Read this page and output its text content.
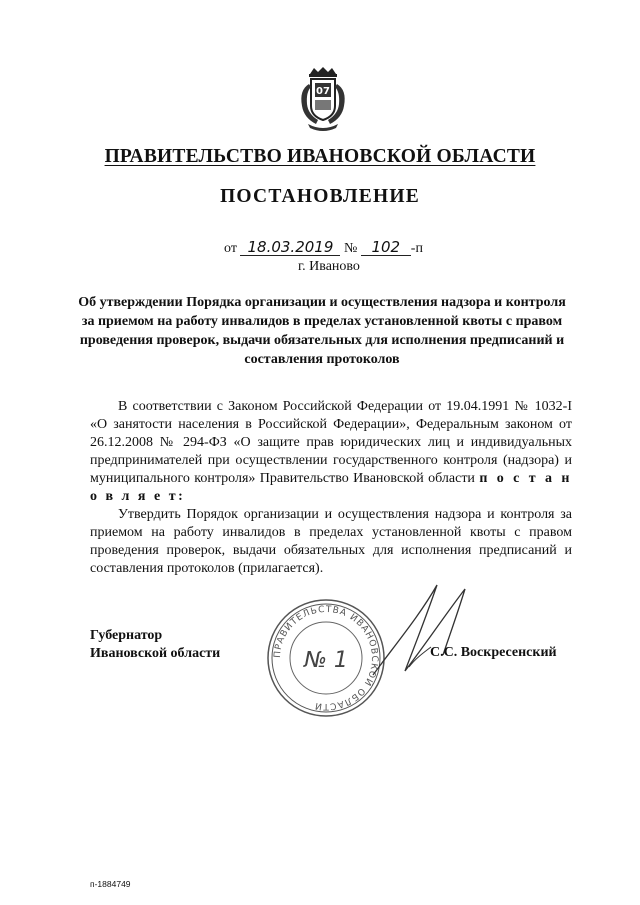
07
ПРАВИТЕЛЬСТВО ИВАНОВСКОЙ ОБЛАСТИ
ПОСТАНОВЛЕНИЕ
от 18.03.2019 № 102 -п
г. Иваново
Об утверждении Порядка организации и осуществления надзора и контроля за приемом на работу инвалидов в пределах установленной квоты с правом проведения проверок, выдачи обязательных для исполнения предписаний и составления протоколов

В соответствии с Законом Российской Федерации от 19.04.1991 № 1032-I «О занятости населения в Российской Федерации», Федеральным законом от 26.12.2008 № 294-ФЗ «О защите прав юридических лиц и индивидуальных предпринимателей при осуществлении государственного контроля (надзора) и муниципального контроля» Правительство Ивановской области п о с т а н о в л я е т:

Утвердить Порядок организации и осуществления надзора и контроля за приемом на работу инвалидов в пределах установленной квоты с правом проведения проверок, выдачи обязательных для исполнения предписаний и составления протоколов (прилагается).

Губернатор
Ивановской области	ПРАВИТЕЛЬСТВА ИВАНОВСКОЙ ОБЛАСТИ
№ 1	С.С. Воскресенский
п-1884749
